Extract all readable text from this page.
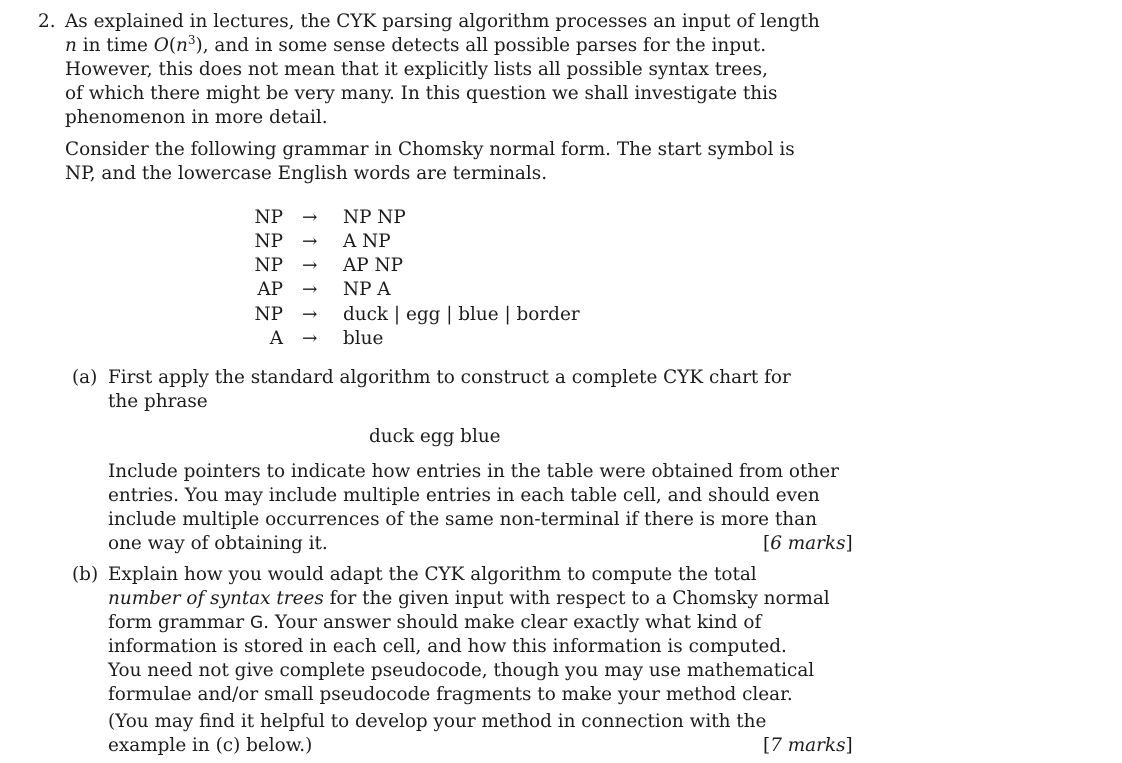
2. As explained in lectures, the CYK parsing algorithm processes an input of length
n in time $O(n^3)$, and in some sense detects all possible parses for the input.
However, this does not mean that it explicitly lists all possible syntax trees,
of which there might be very many. In this question we shall investigate this
phenomenon in more detail.
Consider the following grammar in Chomsky normal form. The start symbol is
NP, and the lowercase English words are terminals.
NP → NP NP
NP → A NP
NP → AP NP
AP → NP A
NP → duck | egg | blue | border
A → blue
(a) First apply the standard algorithm to construct a complete CYK chart for
the phrase
duck egg blue
Include pointers to indicate how entries in the table were obtained from other
entries. You may include multiple entries in each table cell, and should even
include multiple occurrences of the same non-terminal if there is more than
one way of obtaining it.	[6 marks]
(b) Explain how you would adapt the CYK algorithm to compute the total
number of syntax trees for the given input with respect to a Chomsky normal
form grammar G. Your answer should make clear exactly what kind of
information is stored in each cell, and how this information is computed.
You need not give complete pseudocode, though you may use mathematical
formulae and/or small pseudocode fragments to make your method clear.
(You may find it helpful to develop your method in connection with the
example in (c) below.)	[7 marks]
